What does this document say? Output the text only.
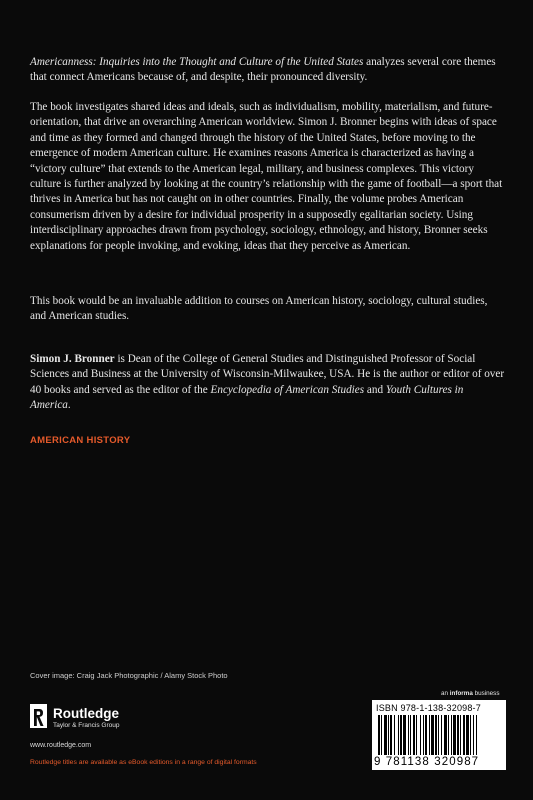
Americanness: Inquiries into the Thought and Culture of the United States analyzes several core themes that connect Americans because of, and despite, their pronounced diversity.
The book investigates shared ideas and ideals, such as individualism, mobility, materialism, and future-orientation, that drive an overarching American worldview. Simon J. Bronner begins with ideas of space and time as they formed and changed through the history of the United States, before moving to the emergence of modern American culture. He examines reasons America is characterized as having a “victory culture” that extends to the American legal, military, and business complexes. This victory culture is further analyzed by looking at the country’s relationship with the game of football—a sport that thrives in America but has not caught on in other countries. Finally, the volume probes American consumerism driven by a desire for individual prosperity in a supposedly egalitarian society. Using interdisciplinary approaches drawn from psychology, sociology, ethnology, and history, Bronner seeks explanations for people invoking, and evoking, ideas that they perceive as American.
This book would be an invaluable addition to courses on American history, sociology, cultural studies, and American studies.
Simon J. Bronner is Dean of the College of General Studies and Distinguished Professor of Social Sciences and Business at the University of Wisconsin-Milwaukee, USA. He is the author or editor of over 40 books and served as the editor of the Encyclopedia of American Studies and Youth Cultures in America.
AMERICAN HISTORY
Cover image: Craig Jack Photographic / Alamy Stock Photo
an informa business
Routledge
Taylor & Francis Group
www.routledge.com
Routledge titles are available as eBook editions in a range of digital formats
ISBN 978-1-138-32098-7
9 781138 320987
